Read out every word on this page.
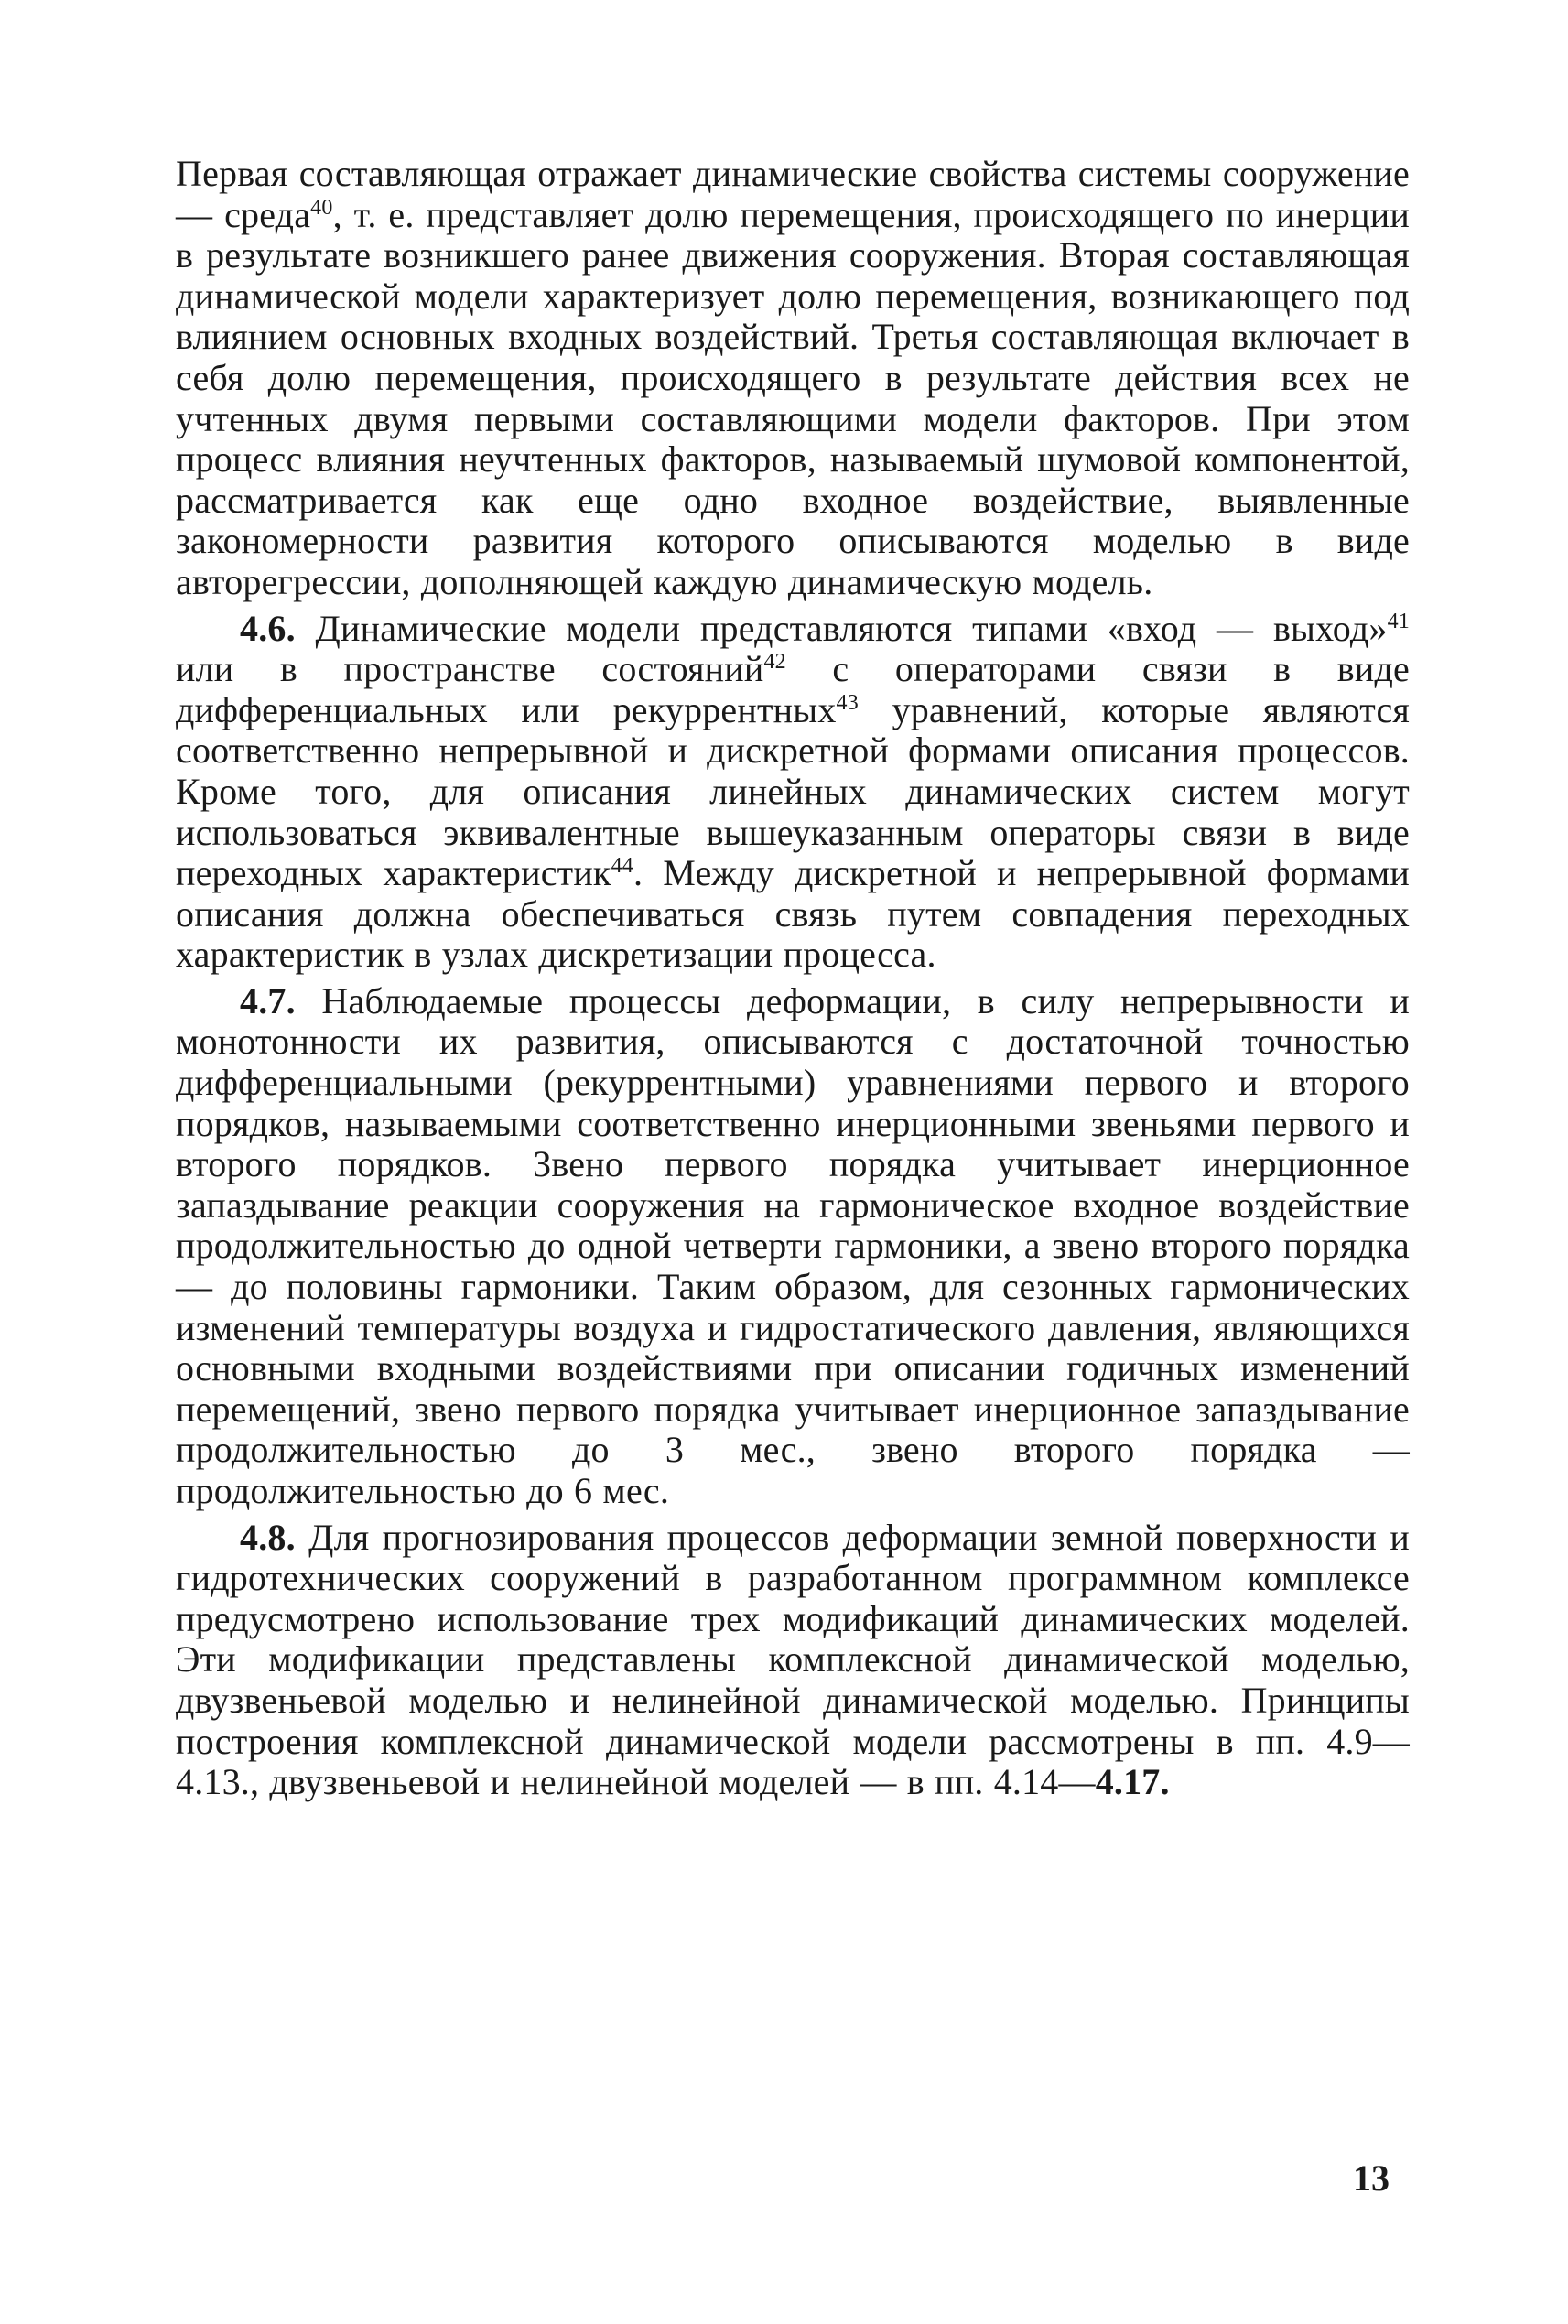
Первая составляющая отражает динамические свойства системы сооружение — среда$^{40}$, т. е. представляет долю перемещения, происходящего по инерции в результате возникшего ранее движения сооружения. Вторая составляющая динамической модели характеризует долю перемещения, возникающего под влиянием основных входных воздействий. Третья составляющая включает в себя долю перемещения, происходящего в результате действия всех не учтенных двумя первыми составляющими модели факторов. При этом процесс влияния неучтенных факторов, называемый шумовой компонентой, рассматривается как еще одно входное воздействие, выявленные закономерности развития которого описываются моделью в виде авторегрессии, дополняющей каждую динамическую модель.

4.6. Динамические модели представляются типами «вход — выход»$^{41}$ или в пространстве состояний$^{42}$ с операторами связи в виде дифференциальных или рекуррентных$^{43}$ уравнений, которые являются соответственно непрерывной и дискретной формами описания процессов. Кроме того, для описания линейных динамических систем могут использоваться эквивалентные вышеуказанным операторы связи в виде переходных характеристик$^{44}$. Между дискретной и непрерывной формами описания должна обеспечиваться связь путем совпадения переходных характеристик в узлах дискретизации процесса.

4.7. Наблюдаемые процессы деформации, в силу непрерывности и монотонности их развития, описываются с достаточной точностью дифференциальными (рекуррентными) уравнениями первого и второго порядков, называемыми соответственно инерционными звеньями первого и второго порядков. Звено первого порядка учитывает инерционное запаздывание реакции сооружения на гармоническое входное воздействие продолжительностью до одной четверти гармоники, а звено второго порядка — до половины гармоники. Таким образом, для сезонных гармонических изменений температуры воздуха и гидростатического давления, являющихся основными входными воздействиями при описании годичных изменений перемещений, звено первого порядка учитывает инерционное запаздывание продолжительностью до 3 мес., звено второго порядка — продолжительностью до 6 мес.

4.8. Для прогнозирования процессов деформации земной поверхности и гидротехнических сооружений в разработанном программном комплексе предусмотрено использование трех модификаций динамических моделей. Эти модификации представлены комплексной динамической моделью, двузвеньевой моделью и нелинейной динамической моделью. Принципы построения комплексной динамической модели рассмотрены в пп. 4.9—4.13., двузвеньевой и нелинейной моделей — в пп. 4.14—4.17.

13
